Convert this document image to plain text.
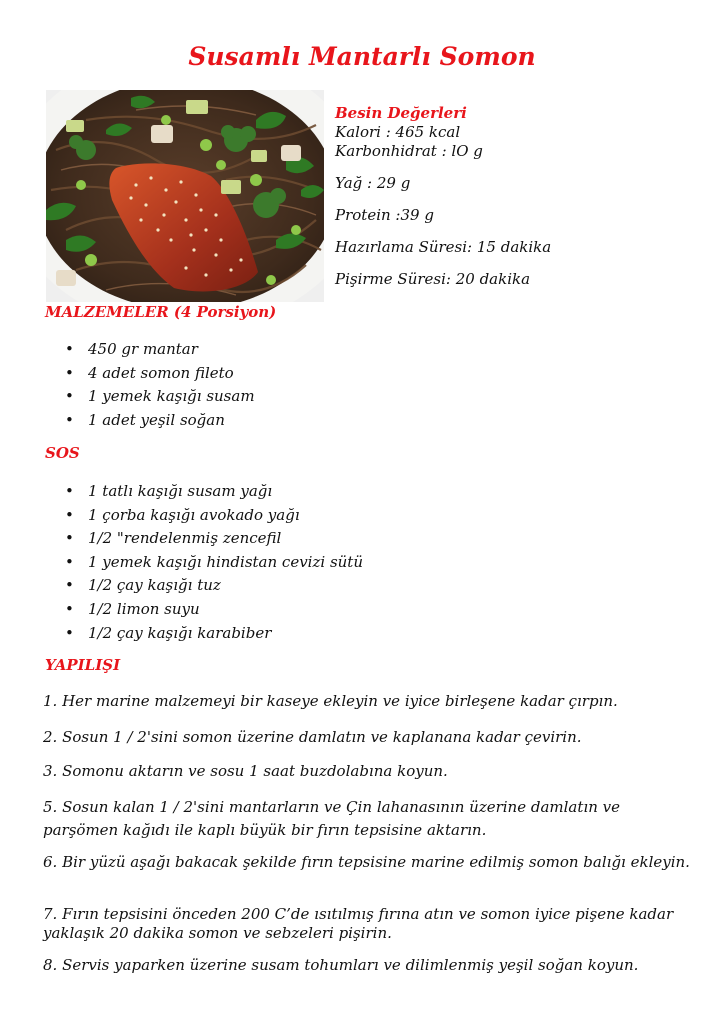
Susamlı Mantarlı Somon
Besin Değerleri
Kalori : 465 kcal
Karbonhidrat : lO g
Yağ : 29 g
Protein :39 g
Hazırlama Süresi: 15 dakika
Pişirme Süresi: 20 dakika
MALZEMELER (4 Porsiyon)
• 450 gr mantar
• 4 adet somon fileto
• 1 yemek kaşığı susam
• 1 adet yeşil soğan
SOS
• 1 tatlı kaşığı susam yağı
• 1 çorba kaşığı avokado yağı
• 1/2 "rendelenmiş zencefil
• 1 yemek kaşığı hindistan cevizi sütü
• 1/2 çay kaşığı tuz
• 1/2 limon suyu
• 1/2 çay kaşığı karabiber
YAPILIŞI
1. Her marine malzemeyi bir kaseye ekleyin ve iyice birleşene kadar çırpın.
2. Sosun 1 / 2'sini somon üzerine damlatın ve kaplanana kadar çevirin.
3. Somonu aktarın ve sosu 1 saat buzdolabına koyun.
5. Sosun kalan 1 / 2'sini mantarların ve Çin lahanasının üzerine damlatın ve parşömen kağıdı ile kaplı büyük bir fırın tepsisine aktarın.
6. Bir yüzü aşağı bakacak şekilde fırın tepsisine marine edilmiş somon balığı ekleyin.
7. Fırın tepsisini önceden 200 C’de ısıtılmış fırına atın ve somon iyice pişene kadar yaklaşık 20 dakika somon ve sebzeleri pişirin.
8. Servis yaparken üzerine susam tohumları ve dilimlenmiş yeşil soğan koyun.
